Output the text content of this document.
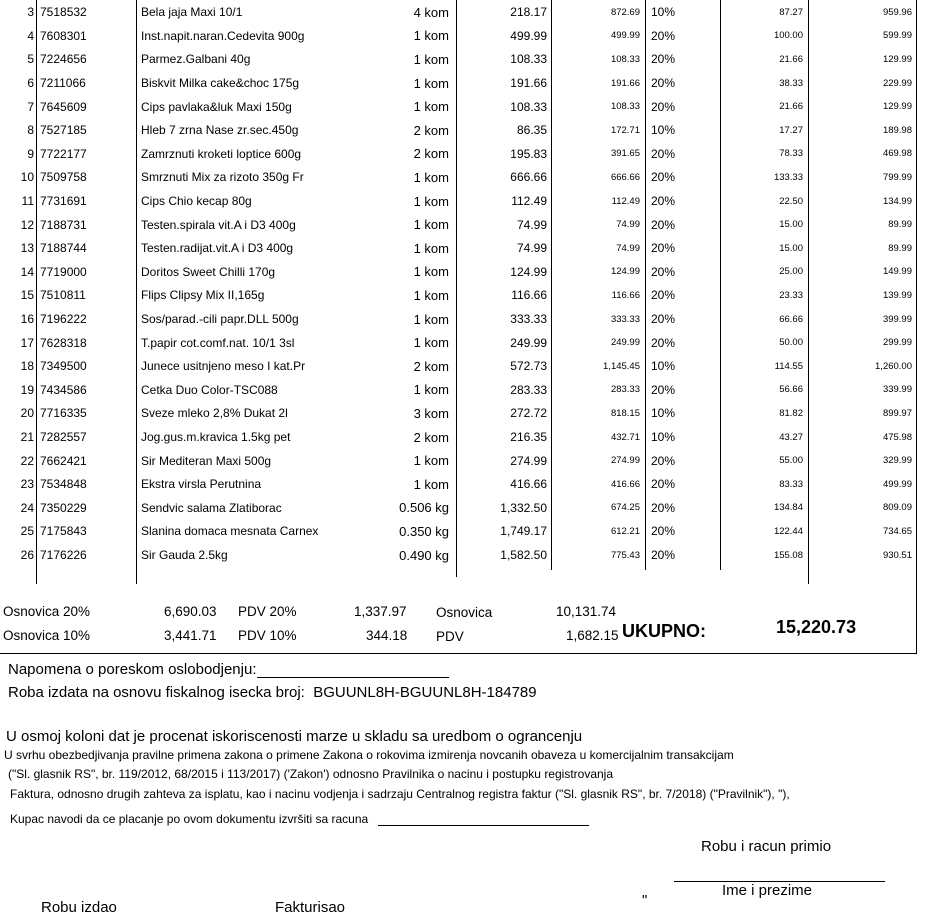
3 7518532	Bela jaja Maxi 10/1	4 kom	218.17	872.69 10%	87.27	959.96
4 7608301	Inst.napit.naran.Cedevita 900g	1 kom	499.99	499.99 20%	100.00	599.99
5 7224656	Parmez.Galbani 40g	1 kom	108.33	108.33 20%	21.66	129.99
6 7211066	Biskvit Milka cake&choc 175g	1 kom	191.66	191.66 20%	38.33	229.99
7 7645609	Cips pavlaka&luk Maxi 150g	1 kom	108.33	108.33 20%	21.66	129.99
8 7527185	Hleb 7 zrna Nase zr.sec.450g	2 kom	86.35	172.71 10%	17.27	189.98
9 7722177	Zamrznuti kroketi loptice 600g	2 kom	195.83	391.65 20%	78.33	469.98
10 7509758	Smrznuti Mix za rizoto 350g Fr	1 kom	666.66	666.66 20%	133.33	799.99
11 7731691	Cips Chio kecap 80g	1 kom	112.49	112.49 20%	22.50	134.99
12 7188731	Testen.spirala vit.A i D3 400g	1 kom	74.99	74.99 20%	15.00	89.99
13 7188744	Testen.radijat.vit.A i D3 400g	1 kom	74.99	74.99 20%	15.00	89.99
14 7719000	Doritos Sweet Chilli 170g	1 kom	124.99	124.99 20%	25.00	149.99
15 7510811	Flips Clipsy Mix II,165g	1 kom	116.66	116.66 20%	23.33	139.99
16 7196222	Sos/parad.-cili papr.DLL 500g	1 kom	333.33	333.33 20%	66.66	399.99
17 7628318	T.papir cot.comf.nat. 10/1 3sl	1 kom	249.99	249.99 20%	50.00	299.99
18 7349500	Junece usitnjeno meso I kat.Pr	2 kom	572.73	1,145.45 10%	114.55	1,260.00
19 7434586	Cetka Duo Color-TSC088	1 kom	283.33	283.33 20%	56.66	339.99
20 7716335	Sveze mleko 2,8% Dukat 2l	3 kom	272.72	818.15 10%	81.82	899.97
21 7282557	Jog.gus.m.kravica 1.5kg pet	2 kom	216.35	432.71 10%	43.27	475.98
22 7662421	Sir Mediteran Maxi 500g	1 kom	274.99	274.99 20%	55.00	329.99
23 7534848	Ekstra virsla Perutnina	1 kom	416.66	416.66 20%	83.33	499.99
24 7350229	Sendvic salama Zlatiborac	0.506 kg	1,332.50	674.25 20%	134.84	809.09
25 7175843	Slanina domaca mesnata Carnex	0.350 kg	1,749.17	612.21 20%	122.44	734.65
26 7176226	Sir Gauda 2.5kg	0.490 kg	1,582.50	775.43 20%	155.08	930.51
Osnovica 20%	6,690.03 PDV 20%	1,337.97 Osnovica	10,131.74
Osnovica 10%	3,441.71 PDV 10%	344.18 PDV	1,682.15 UKUPNO:	15,220.73
Napomena o poreskom oslobodjenju:
Roba izdata na osnovu fiskalnog isecka broj: BGUUNL8H-BGUUNL8H-184789
U osmoj koloni dat je procenat iskoriscenosti marze u skladu sa uredbom o ograncenju
U svrhu obezbedjivanja pravilne primena zakona o primene Zakona o rokovima izmirenja novcanih obaveza u komercijalnim transakcijam
("Sl. glasnik RS", br. 119/2012, 68/2015 i 113/2017) ('Zakon') odnosno Pravilnika o nacinu i postupku registrovanja
Faktura, odnosno drugih zahteva za isplatu, kao i nacinu vodjenja i sadrzaju Centralnog registra faktur ("Sl. glasnik RS", br. 7/2018) ("Pravilnik"), "),
Kupac navodi da ce placanje po ovom dokumentu izvršiti sa racuna
Robu i racun primio
Ime i prezime
Robu izdao	Fakturisao	"
